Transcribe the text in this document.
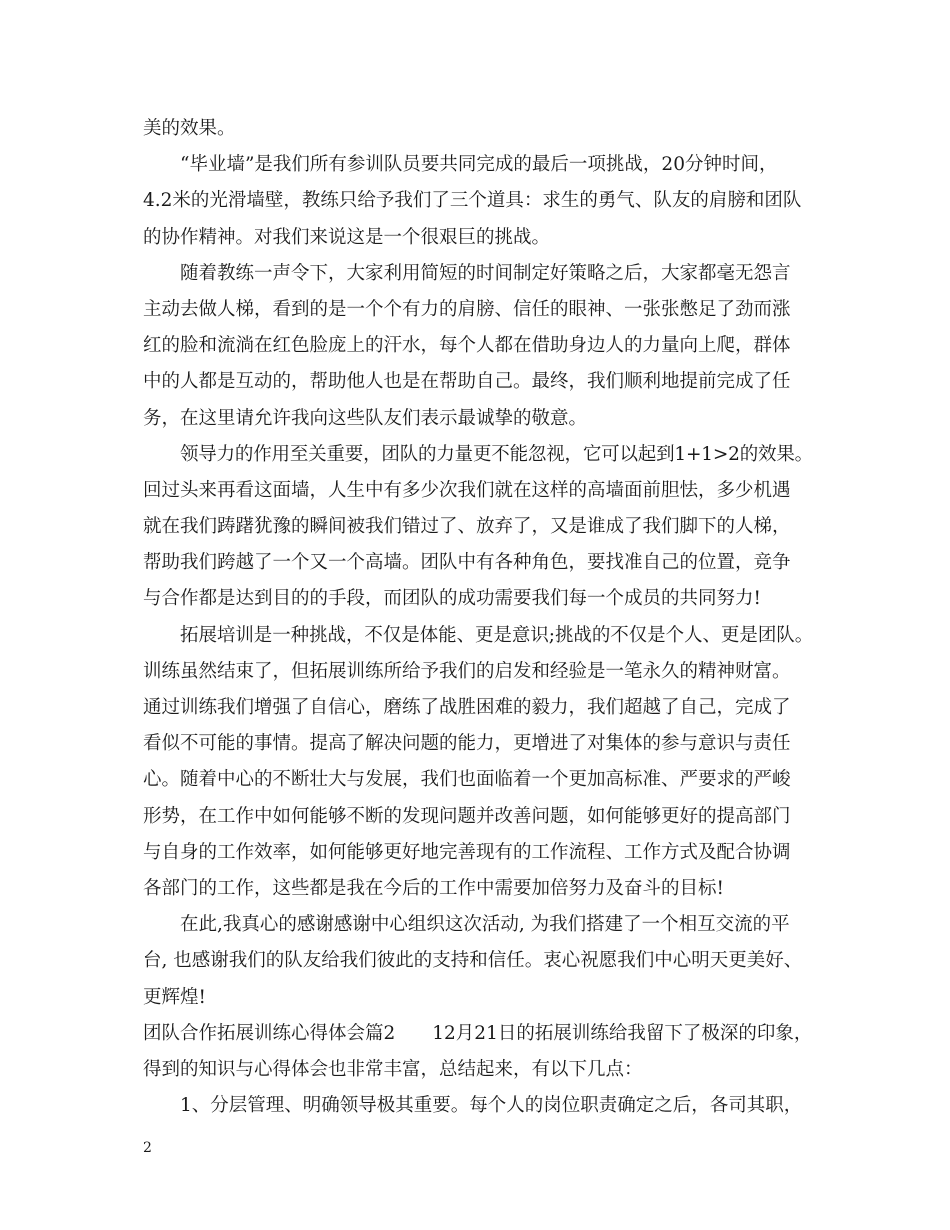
美的效果。
“毕业墙”是我们所有参训队员要共同完成的最后一项挑战，20分钟时间，
4.2米的光滑墙壁，教练只给予我们了三个道具：求生的勇气、队友的肩膀和团队
的协作精神。对我们来说这是一个很艰巨的挑战。
随着教练一声令下，大家利用简短的时间制定好策略之后，大家都毫无怨言
主动去做人梯，看到的是一个个有力的肩膀、信任的眼神、一张张憋足了劲而涨
红的脸和流淌在红色脸庞上的汗水，每个人都在借助身边人的力量向上爬，群体
中的人都是互动的，帮助他人也是在帮助自己。最终，我们顺利地提前完成了任
务，在这里请允许我向这些队友们表示最诚挚的敬意。
领导力的作用至关重要，团队的力量更不能忽视，它可以起到1+1>2的效果。
回过头来再看这面墙，人生中有多少次我们就在这样的高墙面前胆怯，多少机遇
就在我们踌躇犹豫的瞬间被我们错过了、放弃了，又是谁成了我们脚下的人梯，
帮助我们跨越了一个又一个高墙。团队中有各种角色，要找准自己的位置，竞争
与合作都是达到目的的手段，而团队的成功需要我们每一个成员的共同努力!
拓展培训是一种挑战，不仅是体能、更是意识;挑战的不仅是个人、更是团队。
训练虽然结束了，但拓展训练所给予我们的启发和经验是一笔永久的精神财富。
通过训练我们增强了自信心，磨练了战胜困难的毅力，我们超越了自己，完成了
看似不可能的事情。提高了解决问题的能力，更增进了对集体的参与意识与责任
心。随着中心的不断壮大与发展，我们也面临着一个更加高标准、严要求的严峻
形势，在工作中如何能够不断的发现问题并改善问题，如何能够更好的提高部门
与自身的工作效率，如何能够更好地完善现有的工作流程、工作方式及配合协调
各部门的工作，这些都是我在今后的工作中需要加倍努力及奋斗的目标!
在此,我真心的感谢感谢中心组织这次活动, 为我们搭建了一个相互交流的平
台, 也感谢我们的队友给我们彼此的支持和信任。衷心祝愿我们中心明天更美好、
更辉煌!
团队合作拓展训练心得体会篇2　　12月21日的拓展训练给我留下了极深的印象，
得到的知识与心得体会也非常丰富，总结起来，有以下几点：
1、分层管理、明确领导极其重要。每个人的岗位职责确定之后，各司其职，
2
